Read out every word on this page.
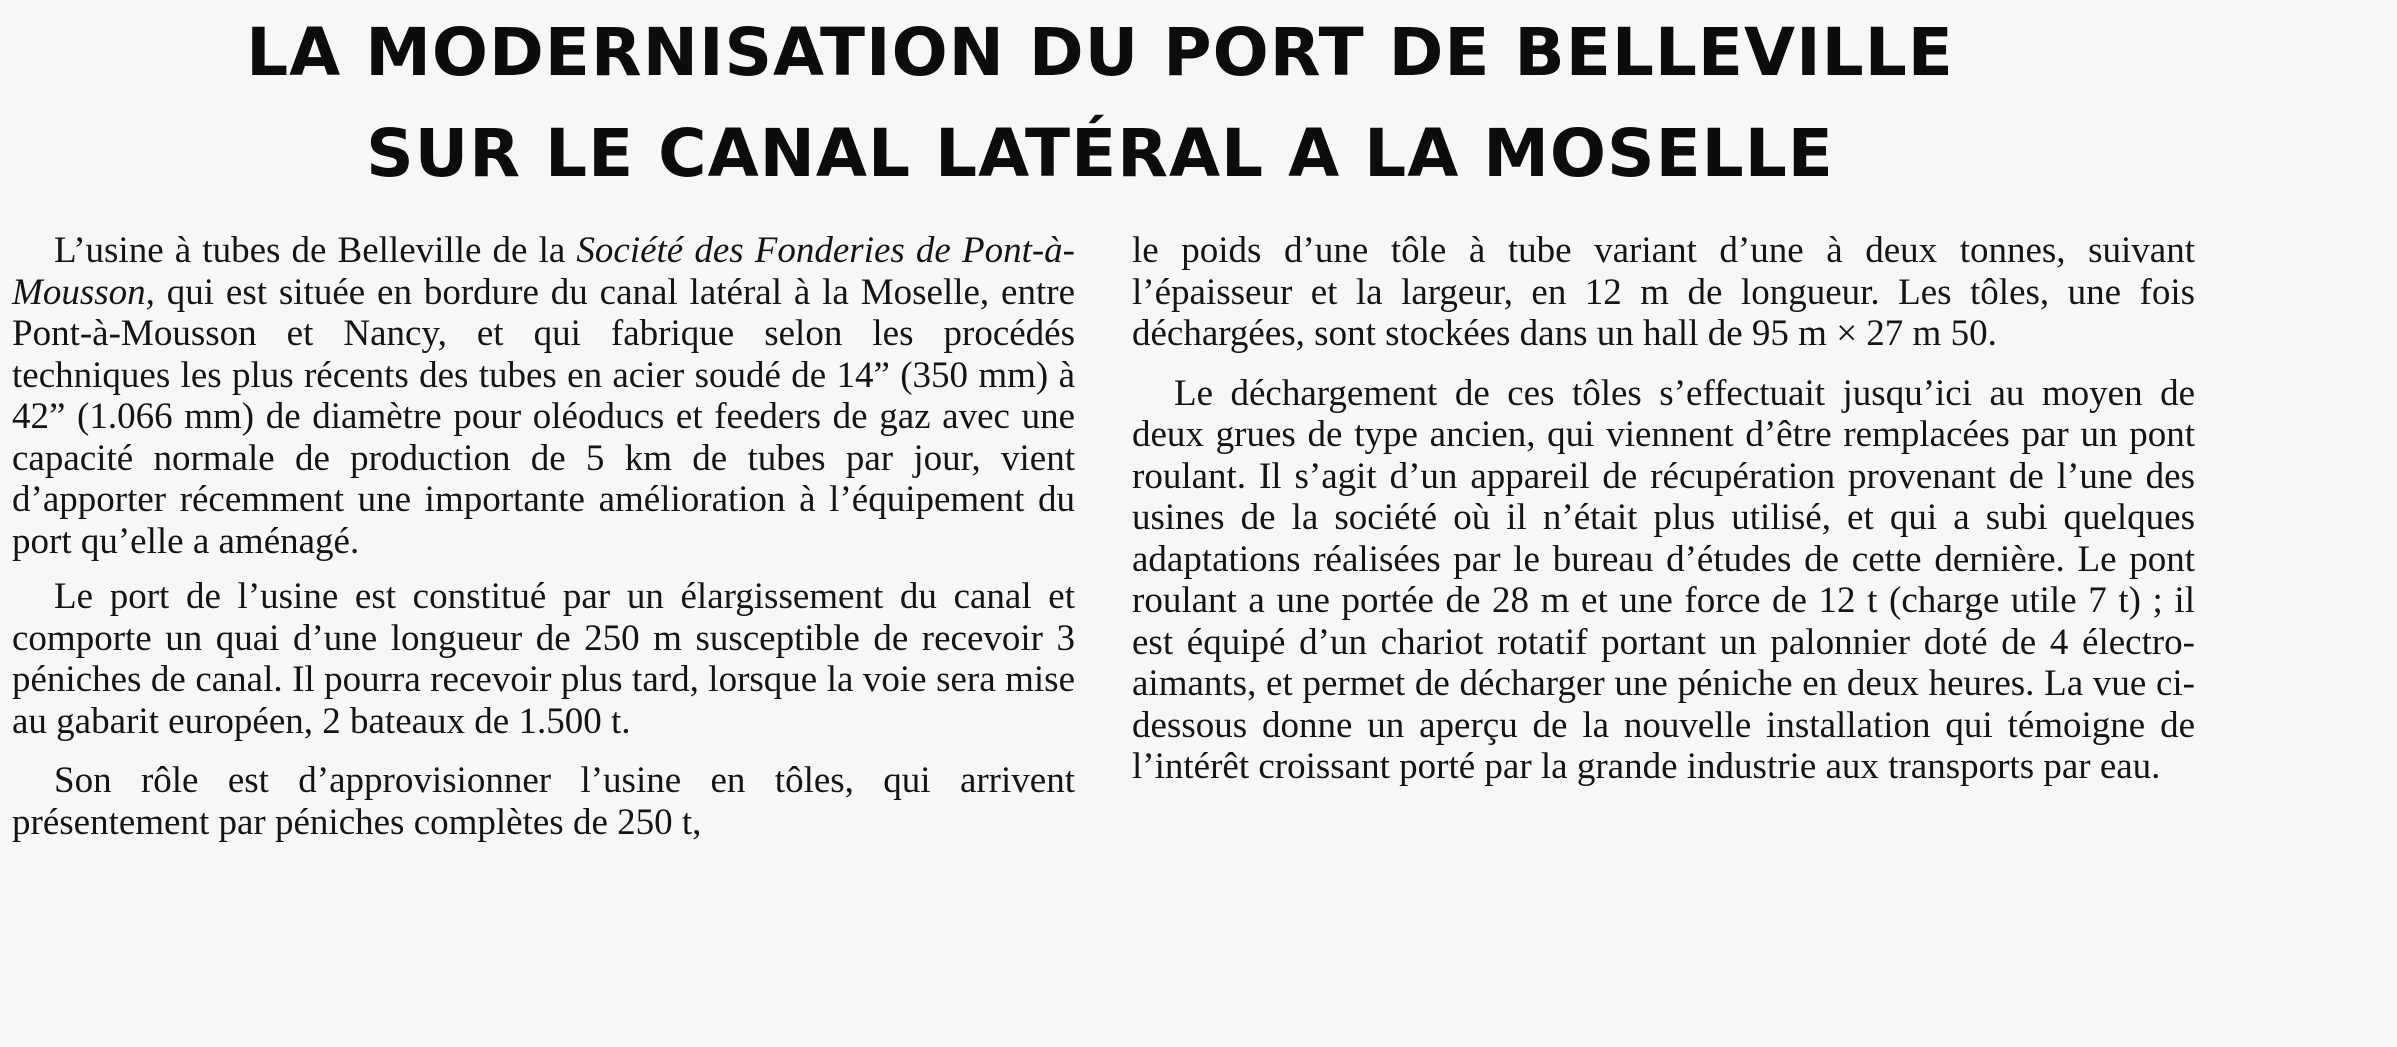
LA MODERNISATION DU PORT DE BELLEVILLE
SUR LE CANAL LATÉRAL A LA MOSELLE

L’usine à tubes de Belleville de la Société des Fonderies de Pont-à-Mousson, qui est située en bordure du canal latéral à la Moselle, entre Pont-à-Mousson et Nancy, et qui fabrique selon les procédés techniques les plus récents des tubes en acier soudé de 14” (350 mm) à 42” (1.066 mm) de diamètre pour oléoducs et feeders de gaz avec une capacité normale de production de 5 km de tubes par jour, vient d’apporter récemment une importante amélioration à l’équipement du port qu’elle a aménagé.

Le port de l’usine est constitué par un élargissement du canal et comporte un quai d’une longueur de 250 m susceptible de recevoir 3 péniches de canal. Il pourra recevoir plus tard, lorsque la voie sera mise au gabarit européen, 2 bateaux de 1.500 t.

Son rôle est d’approvisionner l’usine en tôles, qui arrivent présentement par péniches complètes de 250 t,

le poids d’une tôle à tube variant d’une à deux tonnes, suivant l’épaisseur et la largeur, en 12 m de longueur. Les tôles, une fois déchargées, sont stockées dans un hall de 95 m × 27 m 50.

Le déchargement de ces tôles s’effectuait jusqu’ici au moyen de deux grues de type ancien, qui viennent d’être remplacées par un pont roulant. Il s’agit d’un appareil de récupération provenant de l’une des usines de la société où il n’était plus utilisé, et qui a subi quelques adaptations réalisées par le bureau d’études de cette dernière. Le pont roulant a une portée de 28 m et une force de 12 t (charge utile 7 t) ; il est équipé d’un chariot rotatif portant un palonnier doté de 4 électro-aimants, et permet de décharger une péniche en deux heures. La vue ci-dessous donne un aperçu de la nouvelle installation qui témoigne de l’intérêt croissant porté par la grande industrie aux transports par eau.
